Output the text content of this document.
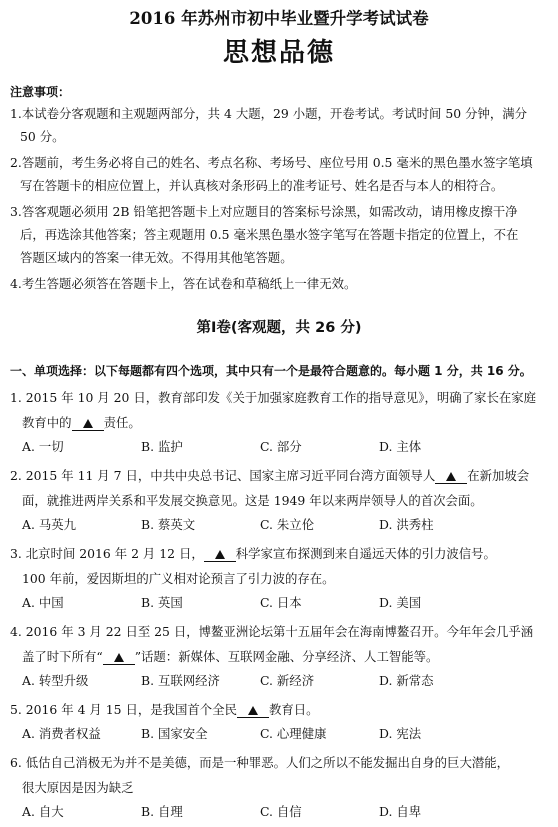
2016 年苏州市初中毕业暨升学考试试卷
思想品德
注意事项：

1.本试卷分客观题和主观题两部分，共 4 大题，29 小题，开卷考试。考试时间 50 分钟，满分

50 分。

2.答题前，考生务必将自己的姓名、考点名称、考场号、座位号用 0.5 毫米的黑色墨水签字笔填

写在答题卡的相应位置上，并认真核对条形码上的准考证号、姓名是否与本人的相符合。

3.答客观题必须用 2B 铅笔把答题卡上对应题目的答案标号涂黑，如需改动，请用橡皮擦干净

后，再选涂其他答案；答主观题用 0.5 毫米黑色墨水签字笔写在答题卡指定的位置上，不在

答题区域内的答案一律无效。不得用其他笔答题。

4.考生答题必须答在答题卡上，答在试卷和草稿纸上一律无效。

第Ⅰ卷(客观题，共 26 分)
一、单项选择：以下每题都有四个选项，其中只有一个是最符合题意的。每小题 1 分，共 16 分。
1. 2015 年 10 月 20 日，教育部印发《关于加强家庭教育工作的指导意见》，明确了家长在家庭
教育中的	责任。
A. 一切	B. 监护	C. 部分	D. 主体
2. 2015 年 11 月 7 日，中共中央总书记、国家主席习近平同台湾方面领导人	在新加坡会
面，就推进两岸关系和平发展交换意见。这是 1949 年以来两岸领导人的首次会面。
A. 马英九	B. 蔡英文	C. 朱立伦	D. 洪秀柱
3. 北京时间 2016 年 2 月 12 日，	科学家宣布探测到来自遥远天体的引力波信号。
100 年前，爱因斯坦的广义相对论预言了引力波的存在。
A. 中国	B. 英国	C. 日本	D. 美国
4. 2016 年 3 月 22 日至 25 日，博鳌亚洲论坛第十五届年会在海南博鳌召开。今年年会几乎涵
盖了时下所有“	”话题：新媒体、互联网金融、分享经济、人工智能等。
A. 转型升级	B. 互联网经济	C. 新经济	D. 新常态
5. 2016 年 4 月 15 日，是我国首个全民	教育日。
A. 消费者权益	B. 国家安全	C. 心理健康	D. 宪法
6. 低估自己消极无为并不是美德，而是一种罪恶。人们之所以不能发掘出自身的巨大潜能，
很大原因是因为缺乏
A. 自大	B. 自理	C. 自信	D. 自卑
